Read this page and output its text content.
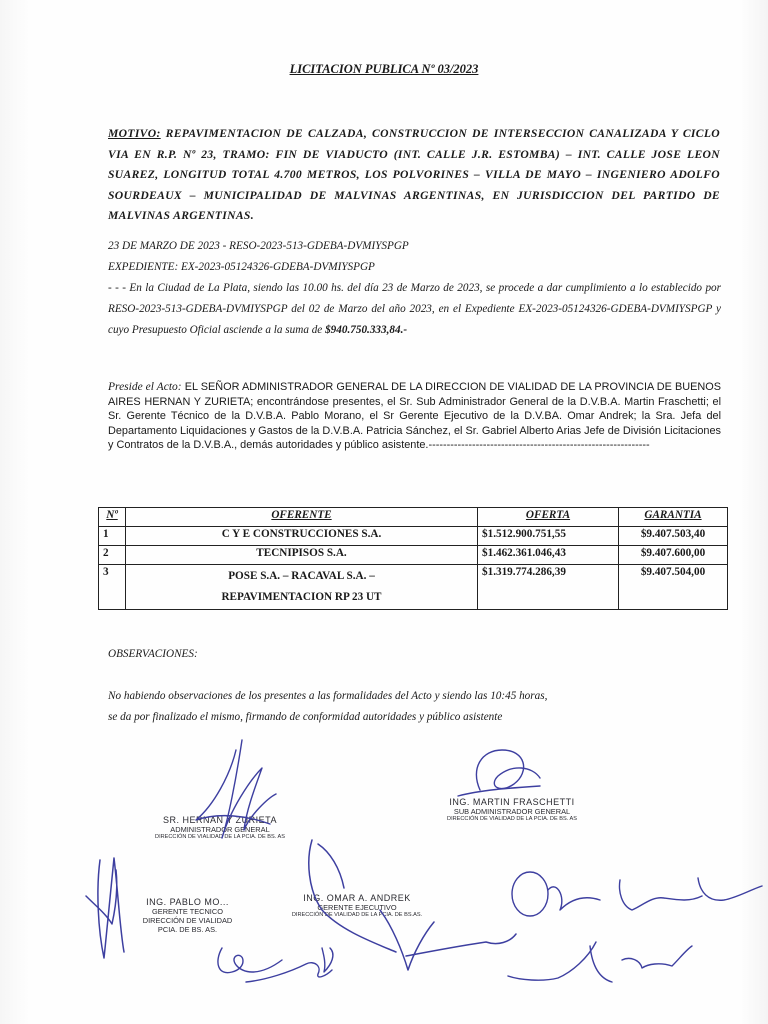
LICITACION PUBLICA Nº 03/2023
MOTIVO: REPAVIMENTACION DE CALZADA, CONSTRUCCION DE INTERSECCION CANALIZADA Y CICLO VIA EN R.P. Nº 23, TRAMO: FIN DE VIADUCTO (INT. CALLE J.R. ESTOMBA) – INT. CALLE JOSE LEON SUAREZ, LONGITUD TOTAL 4.700 METROS, LOS POLVORINES – VILLA DE MAYO – INGENIERO ADOLFO SOURDEAUX – MUNICIPALIDAD DE MALVINAS ARGENTINAS, EN JURISDICCION DEL PARTIDO DE MALVINAS ARGENTINAS.
23 DE MARZO DE 2023 - RESO-2023-513-GDEBA-DVMIYSPGP
EXPEDIENTE: EX-2023-05124326-GDEBA-DVMIYSPGP
- - - En la Ciudad de La Plata, siendo las 10.00 hs. del día 23 de Marzo de 2023, se procede a dar cumplimiento a lo establecido por RESO-2023-513-GDEBA-DVMIYSPGP del 02 de Marzo del año 2023, en el Expediente EX-2023-05124326-GDEBA-DVMIYSPGP y cuyo Presupuesto Oficial asciende a la suma de $940.750.333,84.-
Preside el Acto: EL SEÑOR ADMINISTRADOR GENERAL DE LA DIRECCION DE VIALIDAD DE LA PROVINCIA DE BUENOS AIRES HERNAN Y ZURIETA; encontrándose presentes, el Sr. Sub Administrador General de la D.V.B.A. Martin Fraschetti; el Sr. Gerente Técnico de la D.V.B.A. Pablo Morano, el Sr Gerente Ejecutivo de la D.V.BA. Omar Andrek; la Sra. Jefa del Departamento Liquidaciones y Gastos de la D.V.B.A. Patricia Sánchez, el Sr. Gabriel Alberto Arias Jefe de División Licitaciones y Contratos de la D.V.B.A., demás autoridades y público asistente.-------------------------------------------------------------
Nº	OFERENTE	OFERTA	GARANTIA
1	C Y E CONSTRUCCIONES S.A.	$1.512.900.751,55	$9.407.503,40
2	TECNIPISOS S.A.	$1.462.361.046,43	$9.407.600,00
3	POSE S.A. – RACAVAL S.A. –
REPAVIMENTACION RP 23 UT	$1.319.774.286,39	$9.407.504,00
OBSERVACIONES:
No habiendo observaciones de los presentes a las formalidades del Acto y siendo las 10:45 horas,
se da por finalizado el mismo, firmando de conformidad autoridades y público asistente
SR. HERNAN Y ZURIETA
ADMINISTRADOR GENERAL
DIRECCIÓN DE VIALIDAD DE LA PCIA. DE BS. AS
ING. MARTIN FRASCHETTI
SUB ADMINISTRADOR GENERAL
DIRECCIÓN DE VIALIDAD DE LA PCIA. DE BS. AS
ING. PABLO MO...
GERENTE TECNICO
DIRECCIÓN DE VIALIDAD
PCIA. DE BS. AS.
ING. OMAR A. ANDREK
GERENTE EJECUTIVO
DIRECCIÓN DE VIALIDAD DE LA PCIA. DE BS.AS.
